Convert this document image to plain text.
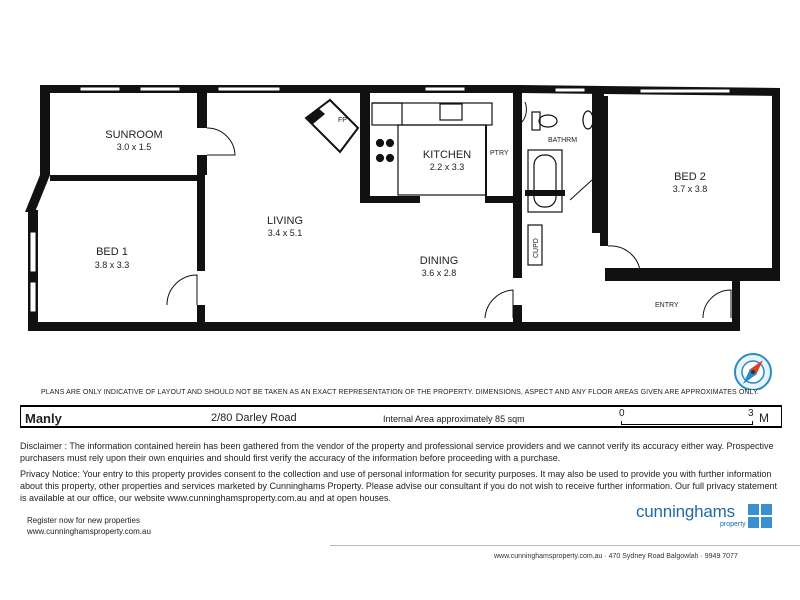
FP
SUNROOM
3.0 x 1.5
LIVING
3.4 x 5.1
KITCHEN
2.2 x 3.3
PTRY
BED 1
3.8 x 3.3	DINING
3.6 x 2.8
BED 2
3.7 x 3.8
BATHRM
CUPD
ENTRY
PLANS ARE ONLY INDICATIVE OF LAYOUT AND SHOULD NOT BE TAKEN AS AN EXACT REPRESENTATION OF THE PROPERTY. DIMENSIONS, ASPECT AND ANY FLOOR AREAS GIVEN ARE APPROXIMATES ONLY.
Manly	2/80 Darley Road	Internal Area approximately 85 sqm	0	3 M

Disclaimer : The information contained herein has been gathered from the vendor of the property and professional service providers and we cannot verify its accuracy either way. Prospective purchasers must rely upon their own enquiries and should first verify the accuracy of the information before proceeding with a purchase.

Privacy Notice: Your entry to this property provides consent to the collection and use of personal information for security purposes. It may also be used to provide you with further information about this property, other properties and services marketed by Cunninghams Property. Please advise our consultant if you do not wish to receive further information. Our full privacy statement is available at our office, our website www.cunninghamsproperty.com.au and at open houses.

Register now for new properties
www.cunninghamsproperty.com.au
cunninghams
property
www.cunninghamsproperty.com.au · 470 Sydney Road Balgowlah · 9949 7077
